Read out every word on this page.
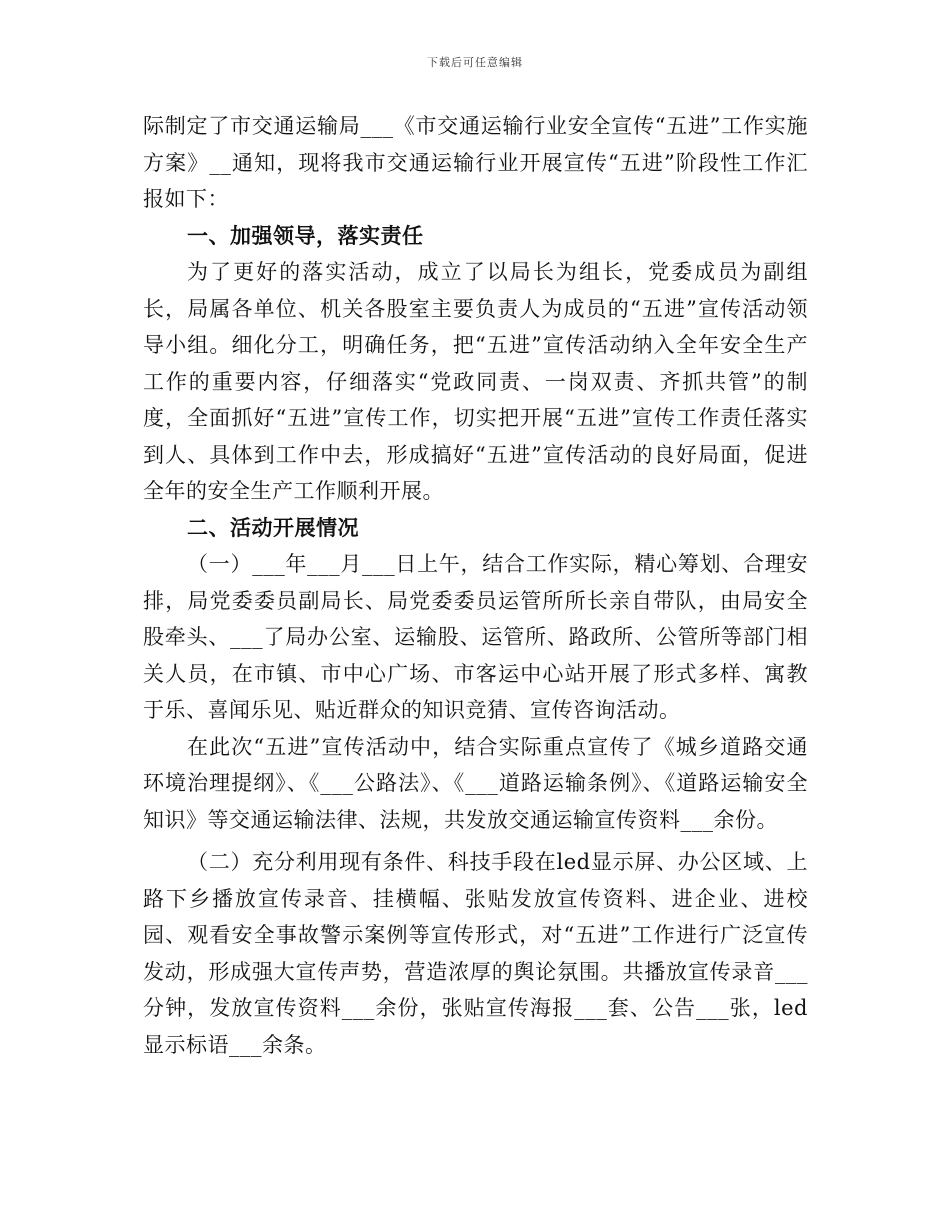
下载后可任意编辑

际制定了市交通运输局___《市交通运输行业安全宣传“五进”工作实施方案》__通知，现将我市交通运输行业开展宣传“五进”阶段性工作汇报如下：

一、加强领导，落实责任

为了更好的落实活动，成立了以局长为组长，党委成员为副组长，局属各单位、机关各股室主要负责人为成员的“五进”宣传活动领导小组。细化分工，明确任务，把“五进”宣传活动纳入全年安全生产工作的重要内容，仔细落实“党政同责、一岗双责、齐抓共管”的制度，全面抓好“五进”宣传工作，切实把开展“五进”宣传工作责任落实到人、具体到工作中去，形成搞好“五进”宣传活动的良好局面，促进全年的安全生产工作顺利开展。

二、活动开展情况

（一）___年___月___日上午，结合工作实际，精心筹划、合理安排，局党委委员副局长、局党委委员运管所所长亲自带队，由局安全股牵头、___了局办公室、运输股、运管所、路政所、公管所等部门相关人员，在市镇、市中心广场、市客运中心站开展了形式多样、寓教于乐、喜闻乐见、贴近群众的知识竞猜、宣传咨询活动。

在此次“五进”宣传活动中，结合实际重点宣传了《城乡道路交通环境治理提纲》、《___公路法》、《___道路运输条例》、《道路运输安全知识》等交通运输法律、法规，共发放交通运输宣传资料___余份。

（二）充分利用现有条件、科技手段在led显示屏、办公区域、上路下乡播放宣传录音、挂横幅、张贴发放宣传资料、进企业、进校园、观看安全事故警示案例等宣传形式，对“五进”工作进行广泛宣传发动，形成强大宣传声势，营造浓厚的舆论氛围。共播放宣传录音___分钟，发放宣传资料___余份，张贴宣传海报___套、公告___张，led显示标语___余条。
